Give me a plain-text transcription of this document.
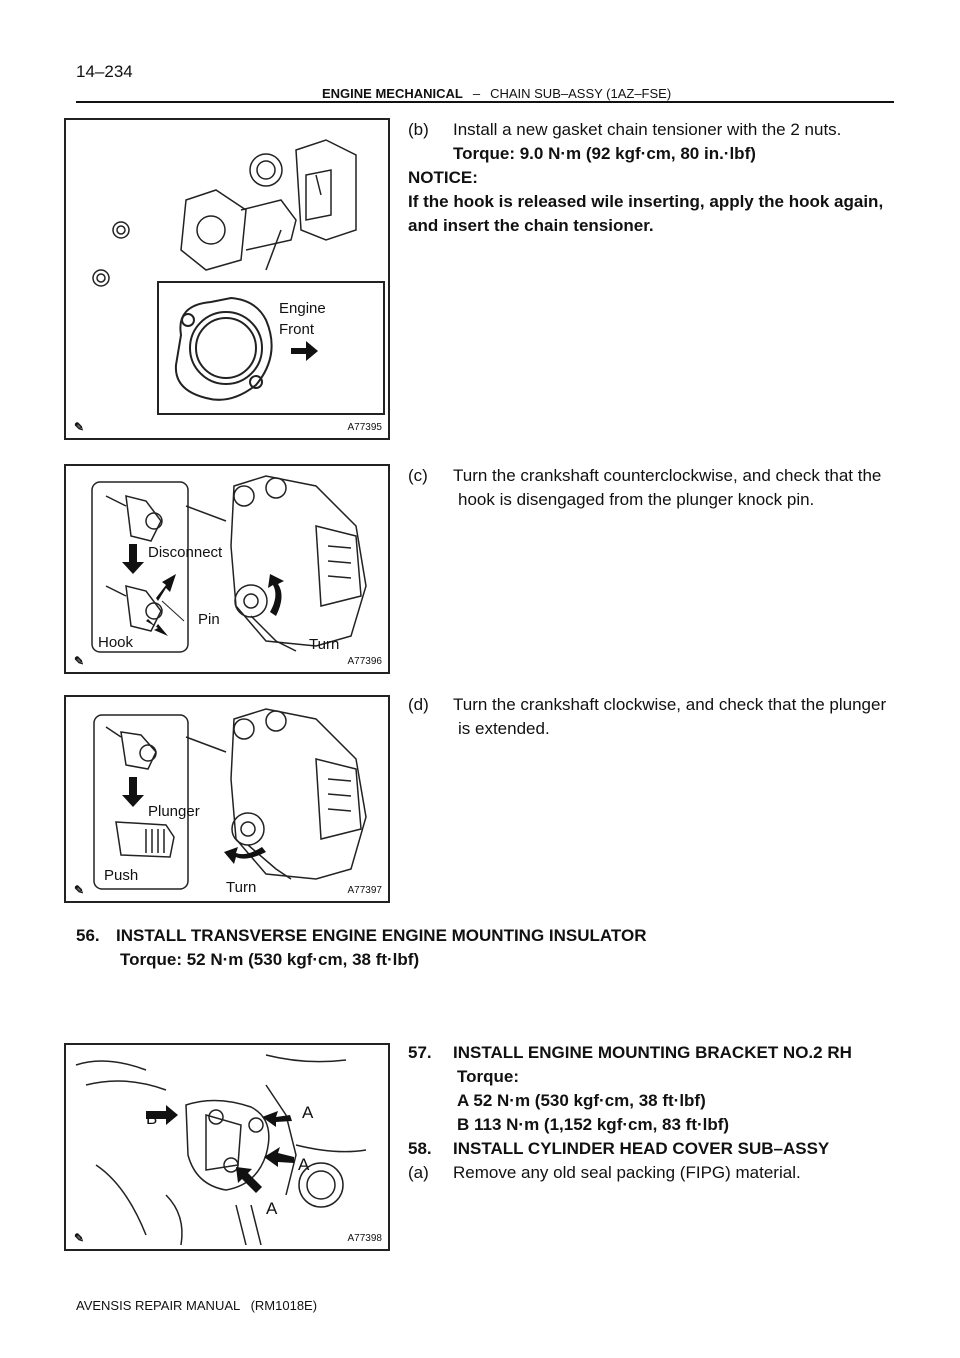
14–234
ENGINE MECHANICAL – CHAIN SUB–ASSY (1AZ–FSE)
Engine
Front
✎	A77395
Disconnect
Pin
Hook	Turn
✎	A77396
Plunger
Push
Turn
✎	A77397
B	A
A
A
✎	A77398
(b) Install a new gasket chain tensioner with the 2 nuts.
Torque: 9.0 N·m (92 kgf·cm, 80 in.·lbf)
NOTICE:
If the hook is released wile inserting, apply the hook again, and insert the chain tensioner.
(c) Turn the crankshaft counterclockwise, and check that the
hook is disengaged from the plunger knock pin.
(d) Turn the crankshaft clockwise, and check that the plunger
is extended.
56. INSTALL TRANSVERSE ENGINE ENGINE MOUNTING INSULATOR
Torque: 52 N·m (530 kgf·cm, 38 ft·lbf)
57. INSTALL ENGINE MOUNTING BRACKET NO.2 RH
Torque:
A 52 N·m (530 kgf·cm, 38 ft·lbf)
B 113 N·m (1,152 kgf·cm, 83 ft·lbf)
58. INSTALL CYLINDER HEAD COVER SUB–ASSY
(a) Remove any old seal packing (FIPG) material.
AVENSIS REPAIR MANUAL   (RM1018E)
